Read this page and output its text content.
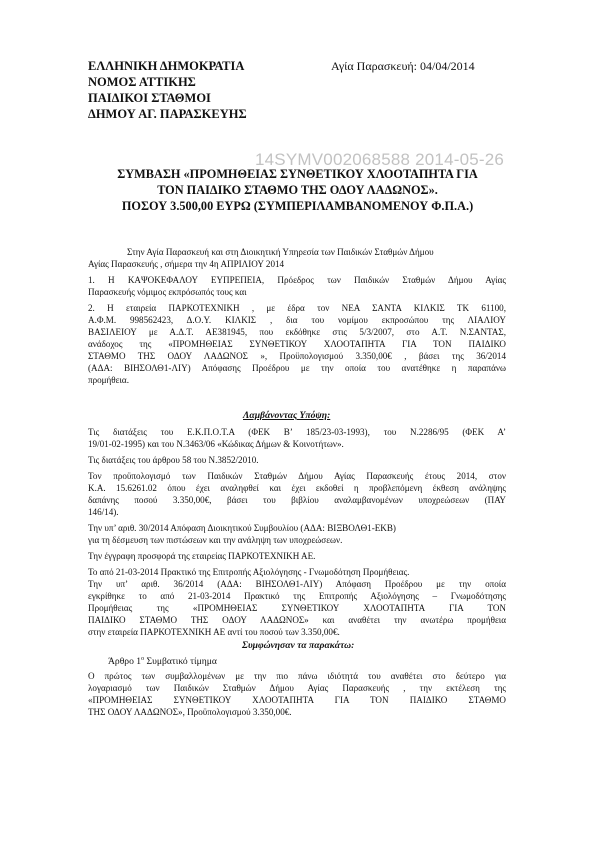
ΕΛΛΗΝΙΚΗ ΔΗΜΟΚΡΑΤΙΑ	Αγία Παρασκευή: 04/04/2014
ΝΟΜΟΣ ΑΤΤΙΚΗΣ
ΠΑΙΔΙΚΟΙ ΣΤΑΘΜΟΙ
ΔΗΜΟΥ ΑΓ. ΠΑΡΑΣΚΕΥΗΣ
14SYMV002068588 2014-05-26
ΣΥΜΒΑΣΗ «ΠΡΟΜΗΘΕΙΑΣ ΣΥΝΘΕΤΙΚΟΥ ΧΛΟΟΤΑΠΗΤΑ ΓΙΑ
ΤΟΝ ΠΑΙΔΙΚΟ ΣΤΑΘΜΟ ΤΗΣ ΟΔΟΥ ΛΑΔΩΝΟΣ».
ΠΟΣΟΥ 3.500,00 ΕΥΡΩ (ΣΥΜΠΕΡΙΛΑΜΒΑΝΟΜΕΝΟΥ Φ.Π.Α.)
Στην Αγία Παρασκευή και στη Διοικητική Υπηρεσία των Παιδικών Σταθμών Δήμου
Αγίας Παρασκευής , σήμερα την 4η ΑΠΡΙΛΙΟΥ 2014
1. Η ΚΑΨΟΚΕΦΑΛΟΥ ΕΥΠΡΕΠΕΙΑ, Πρόεδρος των Παιδικών Σταθμών Δήμου Αγίας
Παρασκευής νόμιμος εκπρόσωπός τους και
2. Η εταιρεία ΠΑΡΚΟΤΕΧΝΙΚΗ , με έδρα τον ΝΕΑ ΣΑΝΤΑ ΚΙΛΚΙΣ ΤΚ 61100,
Α.Φ.Μ. 998562423, Δ.Ο.Υ. ΚΙΛΚΙΣ , δια του νομίμου εκπροσώπου της ΛΙΑΛΙΟΥ
ΒΑΣΙΛΕΙΟΥ με Α.Δ.Τ. ΑΕ381945, που εκδόθηκε στις 5/3/2007, στο Α.Τ. Ν.ΣΑΝΤΑΣ,
ανάδοχος της «ΠΡΟΜΗΘΕΙΑΣ ΣΥΝΘΕΤΙΚΟΥ ΧΛΟΟΤΑΠΗΤΑ ΓΙΑ ΤΟΝ ΠΑΙΔΙΚΟ
ΣΤΑΘΜΟ ΤΗΣ ΟΔΟΥ ΛΑΔΩΝΟΣ », Προϋπολογισμού 3.350,00€ , βάσει της 36/2014
(ΑΔΑ: ΒΙΗΣΟΛΘ1-ΛΙΥ) Απόφασης Προέδρου με την οποία του ανατέθηκε η παραπάνω
προμήθεια.
Λαμβάνοντας Υπόψη:
Τις διατάξεις του Ε.Κ.Π.Ο.Τ.Α (ΦΕΚ Β’ 185/23-03-1993), του Ν.2286/95 (ΦΕΚ Α’
19/01-02-1995) και του Ν.3463/06 «Κώδικας Δήμων & Κοινοτήτων».
Τις διατάξεις του άρθρου 58 του Ν.3852/2010.
Τον προϋπολογισμό των Παιδικών Σταθμών Δήμου Αγίας Παρασκευής έτους 2014, στον
Κ.Α. 15.6261.02 όπου έχει αναληφθεί και έχει εκδοθεί η προβλεπόμενη έκθεση ανάληψης
δαπάνης ποσού 3.350,00€, βάσει του βιβλίου αναλαμβανομένων υποχρεώσεων (ΠΑΥ
146/14).
Την υπ’ αριθ. 30/2014 Απόφαση Διοικητικού Συμβουλίου (ΑΔΑ: ΒΙΞΒΟΛΘ1-ΕΚΒ)
για τη δέσμευση των πιστώσεων και την ανάληψη των υποχρεώσεων.
Την έγγραφη προσφορά της εταιρείας ΠΑΡΚΟΤΕΧΝΙΚΗ ΑΕ.
Το από 21-03-2014 Πρακτικό της Επιτροπής Αξιολόγησης - Γνωμοδότηση Προμήθειας.
Την υπ’ αριθ. 36/2014 (ΑΔΑ: ΒΙΗΣΟΛΘ1-ΛΙΥ) Απόφαση Προέδρου με την οποία
εγκρίθηκε το από 21-03-2014 Πρακτικό της Επιτροπής Αξιολόγησης – Γνωμοδότησης
Προμήθειας της «ΠΡΟΜΗΘΕΙΑΣ ΣΥΝΘΕΤΙΚΟΥ ΧΛΟΟΤΑΠΗΤΑ ΓΙΑ ΤΟΝ
ΠΑΙΔΙΚΟ ΣΤΑΘΜΟ ΤΗΣ ΟΔΟΥ ΛΑΔΩΝΟΣ» και αναθέτει την ανωτέρω προμήθεια
στην εταιρεία ΠΑΡΚΟΤΕΧΝΙΚΗ ΑΕ αντί του ποσού των 3.350,00€.
Συμφώνησαν τα παρακάτω:
Άρθρο $1^o$ Συμβατικό τίμημα
Ο πρώτος των συμβαλλομένων με την πιο πάνω ιδιότητά του αναθέτει στο δεύτερο για
λογαριασμό των Παιδικών Σταθμών Δήμου Αγίας Παρασκευής , την εκτέλεση της
«ΠΡΟΜΗΘΕΙΑΣ ΣΥΝΘΕΤΙΚΟΥ ΧΛΟΟΤΑΠΗΤΑ ΓΙΑ ΤΟΝ ΠΑΙΔΙΚΟ ΣΤΑΘΜΟ
ΤΗΣ ΟΔΟΥ ΛΑΔΩΝΟΣ», Προϋπολογισμού 3.350,00€.
